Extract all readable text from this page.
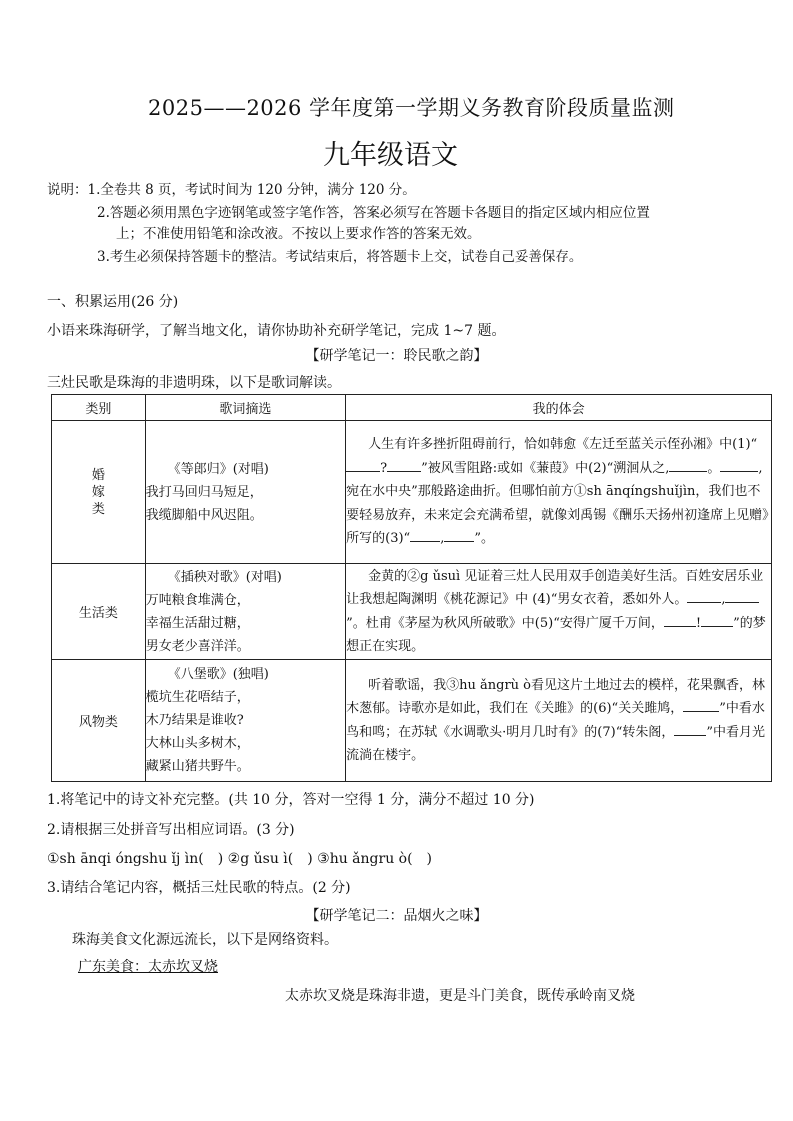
2025——2026 学年度第一学期义务教育阶段质量监测
九年级语文
说明：1.全卷共 8 页，考试时间为 120 分钟，满分 120 分。
2.答题必须用黑色字迹钢笔或签字笔作答，答案必须写在答题卡各题目的指定区域内相应位置
上；不准使用铅笔和涂改液。不按以上要求作答的答案无效。
3.考生必须保持答题卡的整洁。考试结束后，将答题卡上交，试卷自己妥善保存。
一、积累运用(26 分)
小语来珠海研学，了解当地文化，请你协助补充研学笔记，完成 1~7 题。
【研学笔记一：聆民歌之韵】
三灶民歌是珠海的非遗明珠，以下是歌词解读。
类别	歌词摘选	我的体会
婚嫁类	《等郎归》(对唱)
我打马回归马短足，
我缆脚船中风迟阻。	人生有许多挫折阻碍前行，恰如韩愈《左迁至蓝关示侄孙湘》中(1)“? ”被风雪阻路:或如《蒹葭》中(2)“溯洄从之, 。 ,宛在水中央”那般路途曲折。但哪怕前方①sh ānqíngshuǐjìn，我们也不要轻易放弃，未来定会充满希望，就像刘禹锡《酬乐天扬州初逢席上见赠》所写的(3)“ , ”。
生活类	《插秧对歌》(对唱)
万吨粮食堆满仓，
幸福生活甜过糖，
男女老少喜洋洋。	金黄的②g ǔsuì 见证着三灶人民用双手创造美好生活。百姓安居乐业让我想起陶渊明《桃花源记》中 (4)“男女衣着，悉如外人。 ,”。杜甫《茅屋为秋风所破歌》中(5)“安得广厦千万间， ! ”的梦想正在实现。
风物类	《八堡歌》(独唱)
榄坑生花唔结子，
木乃结果是谁收?
大林山头多树木，
藏紧山猪共野牛。	听着歌谣，我③hu ǎngrù ò看见这片土地过去的模样，花果飘香，林木葱郁。诗歌亦是如此，我们在《关雎》的(6)“关关雎鸠， ”中看水鸟和鸣；在苏轼《水调歌头·明月几时有》的(7)“转朱阁， ”中看月光流淌在楼宇。
1.将笔记中的诗文补充完整。(共 10 分，答对一空得 1 分，满分不超过 10 分)
2.请根据三处拼音写出相应词语。(3 分)
①sh ānqi óngshu ǐj ìn(　) ②g ǔsu ì(　) ③hu ǎngru ò(　)
3.请结合笔记内容，概括三灶民歌的特点。(2 分)
【研学笔记二：品烟火之味】
珠海美食文化源远流长，以下是网络资料。
广东美食：太赤坎叉烧
太赤坎叉烧是珠海非遗，更是斗门美食，既传承岭南叉烧
